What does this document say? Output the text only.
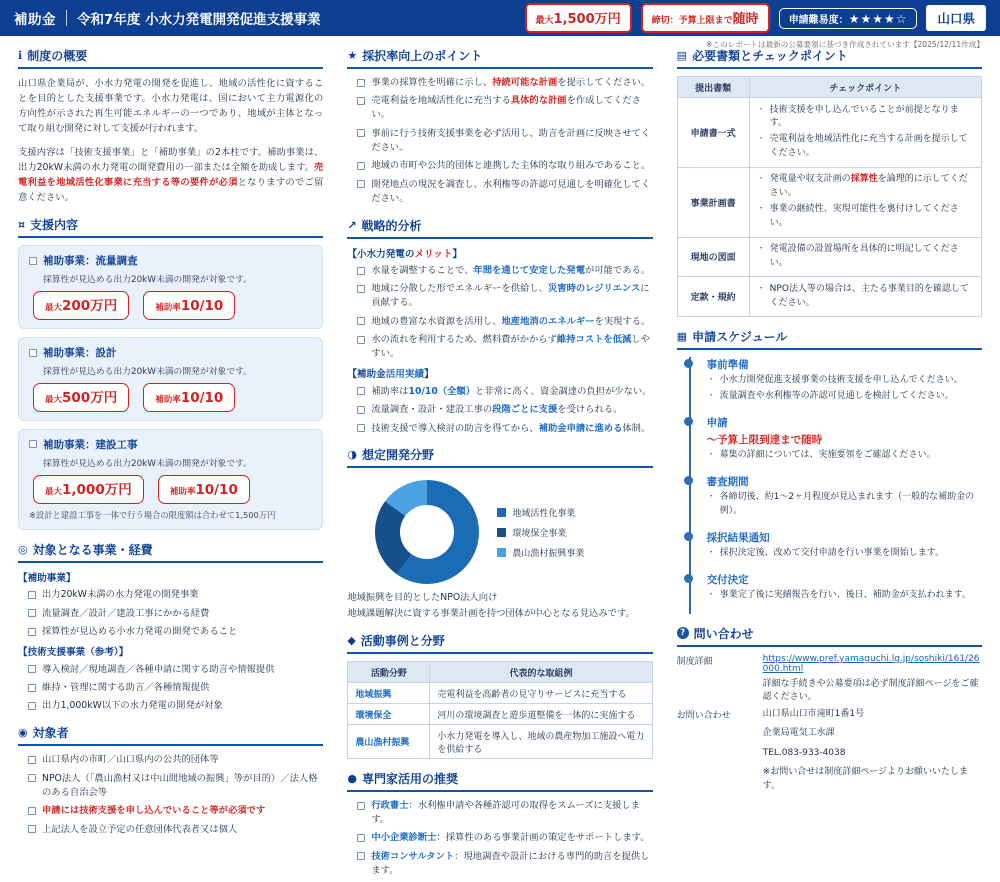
補助金 令和7年度 小水力発電開発促進支援事業	最大1,500万円	締切：予算上限まで随時	申請難易度：★★★★☆	山口県
※このレポートは最新の公募要領に基づき作成されています【2025/12/11作成】
ℹ 制度の概要

山口県企業局が、小水力発電の開発を促進し、地域の活性化に資することを目的とした支援事業です。小水力発電は、国において主力電源化の方向性が示された再生可能エネルギーの一つであり、地域が主体となって取り組む開発に対して支援が行われます。

支援内容は「技術支援事業」と「補助事業」の2本柱です。補助事業は、出力20kW未満の水力発電の開発費用の一部または全額を助成します。売電利益を地域活性化事業に充当する等の要件が必須となりますのでご留意ください。

¤ 支援内容
補助事業：流量調査
採算性が見込める出力20kW未満の開発が対象です。
最大200万円	補助率10/10
補助事業：設計
採算性が見込める出力20kW未満の開発が対象です。
最大500万円	補助率10/10
補助事業：建設工事
採算性が見込める出力20kW未満の開発が対象です。
最大1,000万円	補助率10/10
※設計と建設工事を一体で行う場合の限度額は合わせて1,500万円
◎ 対象となる事業・経費
【補助事業】
出力20kW未満の水力発電の開発事業
流量調査／設計／建設工事にかかる経費
採算性が見込める小水力発電の開発であること
【技術支援事業（参考）】
導入検討／現地調査／各種申請に関する助言や情報提供
維持・管理に関する助言／各種情報提供
出力1,000kW以下の水力発電の開発が対象
◉ 対象者
山口県内の市町／山口県内の公共的団体等
NPO法人（「農山漁村又は中山間地域の振興」等が目的）／法人格のある自治会等
申請には技術支援を申し込んでいること等が必須です
上記法人を設立予定の任意団体代表者又は個人
★ 採択率向上のポイント
事業の採算性を明確に示し、持続可能な計画を提示してください。
売電利益を地域活性化に充当する具体的な計画を作成してください。
事前に行う技術支援事業を必ず活用し、助言を計画に反映させてください。
地域の市町や公共的団体と連携した主体的な取り組みであること。
開発地点の現況を調査し、水利権等の許認可見通しを明確化してください。
↗ 戦略的分析
【小水力発電のメリット】
水量を調整することで、年間を通じて安定した発電が可能である。
地域に分散した形でエネルギーを供給し、災害時のレジリエンスに貢献する。
地域の豊富な水資源を活用し、地産地消のエネルギーを実現する。
水の流れを利用するため、燃料費がかからず維持コストを低減しやすい。
【補助金活用実績】
補助率は10/10（全額）と非常に高く、資金調達の負担が少ない。
流量調査・設計・建設工事の段階ごとに支援を受けられる。
技術支援で導入検討の助言を得てから、補助金申請に進める体制。
◑ 想定開発分野
地域活性化事業
環境保全事業
農山漁村振興事業
地域振興を目的としたNPO法人向け
地域課題解決に資する事業計画を持つ団体が中心となる見込みです。
◆ 活動事例と分野
活動分野	代表的な取組例
地域振興	売電利益を高齢者の見守りサービスに充当する
環境保全	河川の環境調査と遊歩道整備を一体的に実施する
農山漁村振興	小水力発電を導入し、地域の農産物加工施設へ電力を供給する
● 専門家活用の推奨
行政書士：水利権申請や各種許認可の取得をスムーズに支援します。
中小企業診断士：採算性のある事業計画の策定をサポートします。
技術コンサルタント：現地調査や設計における専門的助言を提供します。
▤ 必要書類とチェックポイント
提出書類	チェックポイント
申請書一式	・ 技術支援を申し込んでいることが前提となります。
・ 売電利益を地域活性化に充当する計画を提示してください。

事業計画書	・ 発電量や収支計画の採算性を論理的に示してください。
・ 事業の継続性、実現可能性を裏付けしてください。

現地の図面	・ 発電設備の設置場所を具体的に明記してください。

定款・規約	・ NPO法人等の場合は、主たる事業目的を確認してください。
▦ 申請スケジュール
事前準備
・ 小水力開発促進支援事業の技術支援を申し込んでください。
・ 流量調査や水利権等の許認可見通しを検討してください。
申請
～予算上限到達まで随時
・ 募集の詳細については、実施要領をご確認ください。
審査期間
・ 各締切後、約1～2ヶ月程度が見込まれます（一般的な補助金の例）。
採択結果通知
・ 採択決定後、改めて交付申請を行い事業を開始します。
交付決定
・ 事業完了後に実績報告を行い、後日、補助金が支払われます。
? 問い合わせ
制度詳細	https://www.pref.yamaguchi.lg.jp/soshiki/161/26000.html
詳細な手続きや公募要項は必ず制度詳細ページをご確認ください。
お問い合わせ	山口県山口市滝町1番1号
企業局電気工水課
TEL.083-933-4038
※お問い合せは制度詳細ページよりお願いいたします。
